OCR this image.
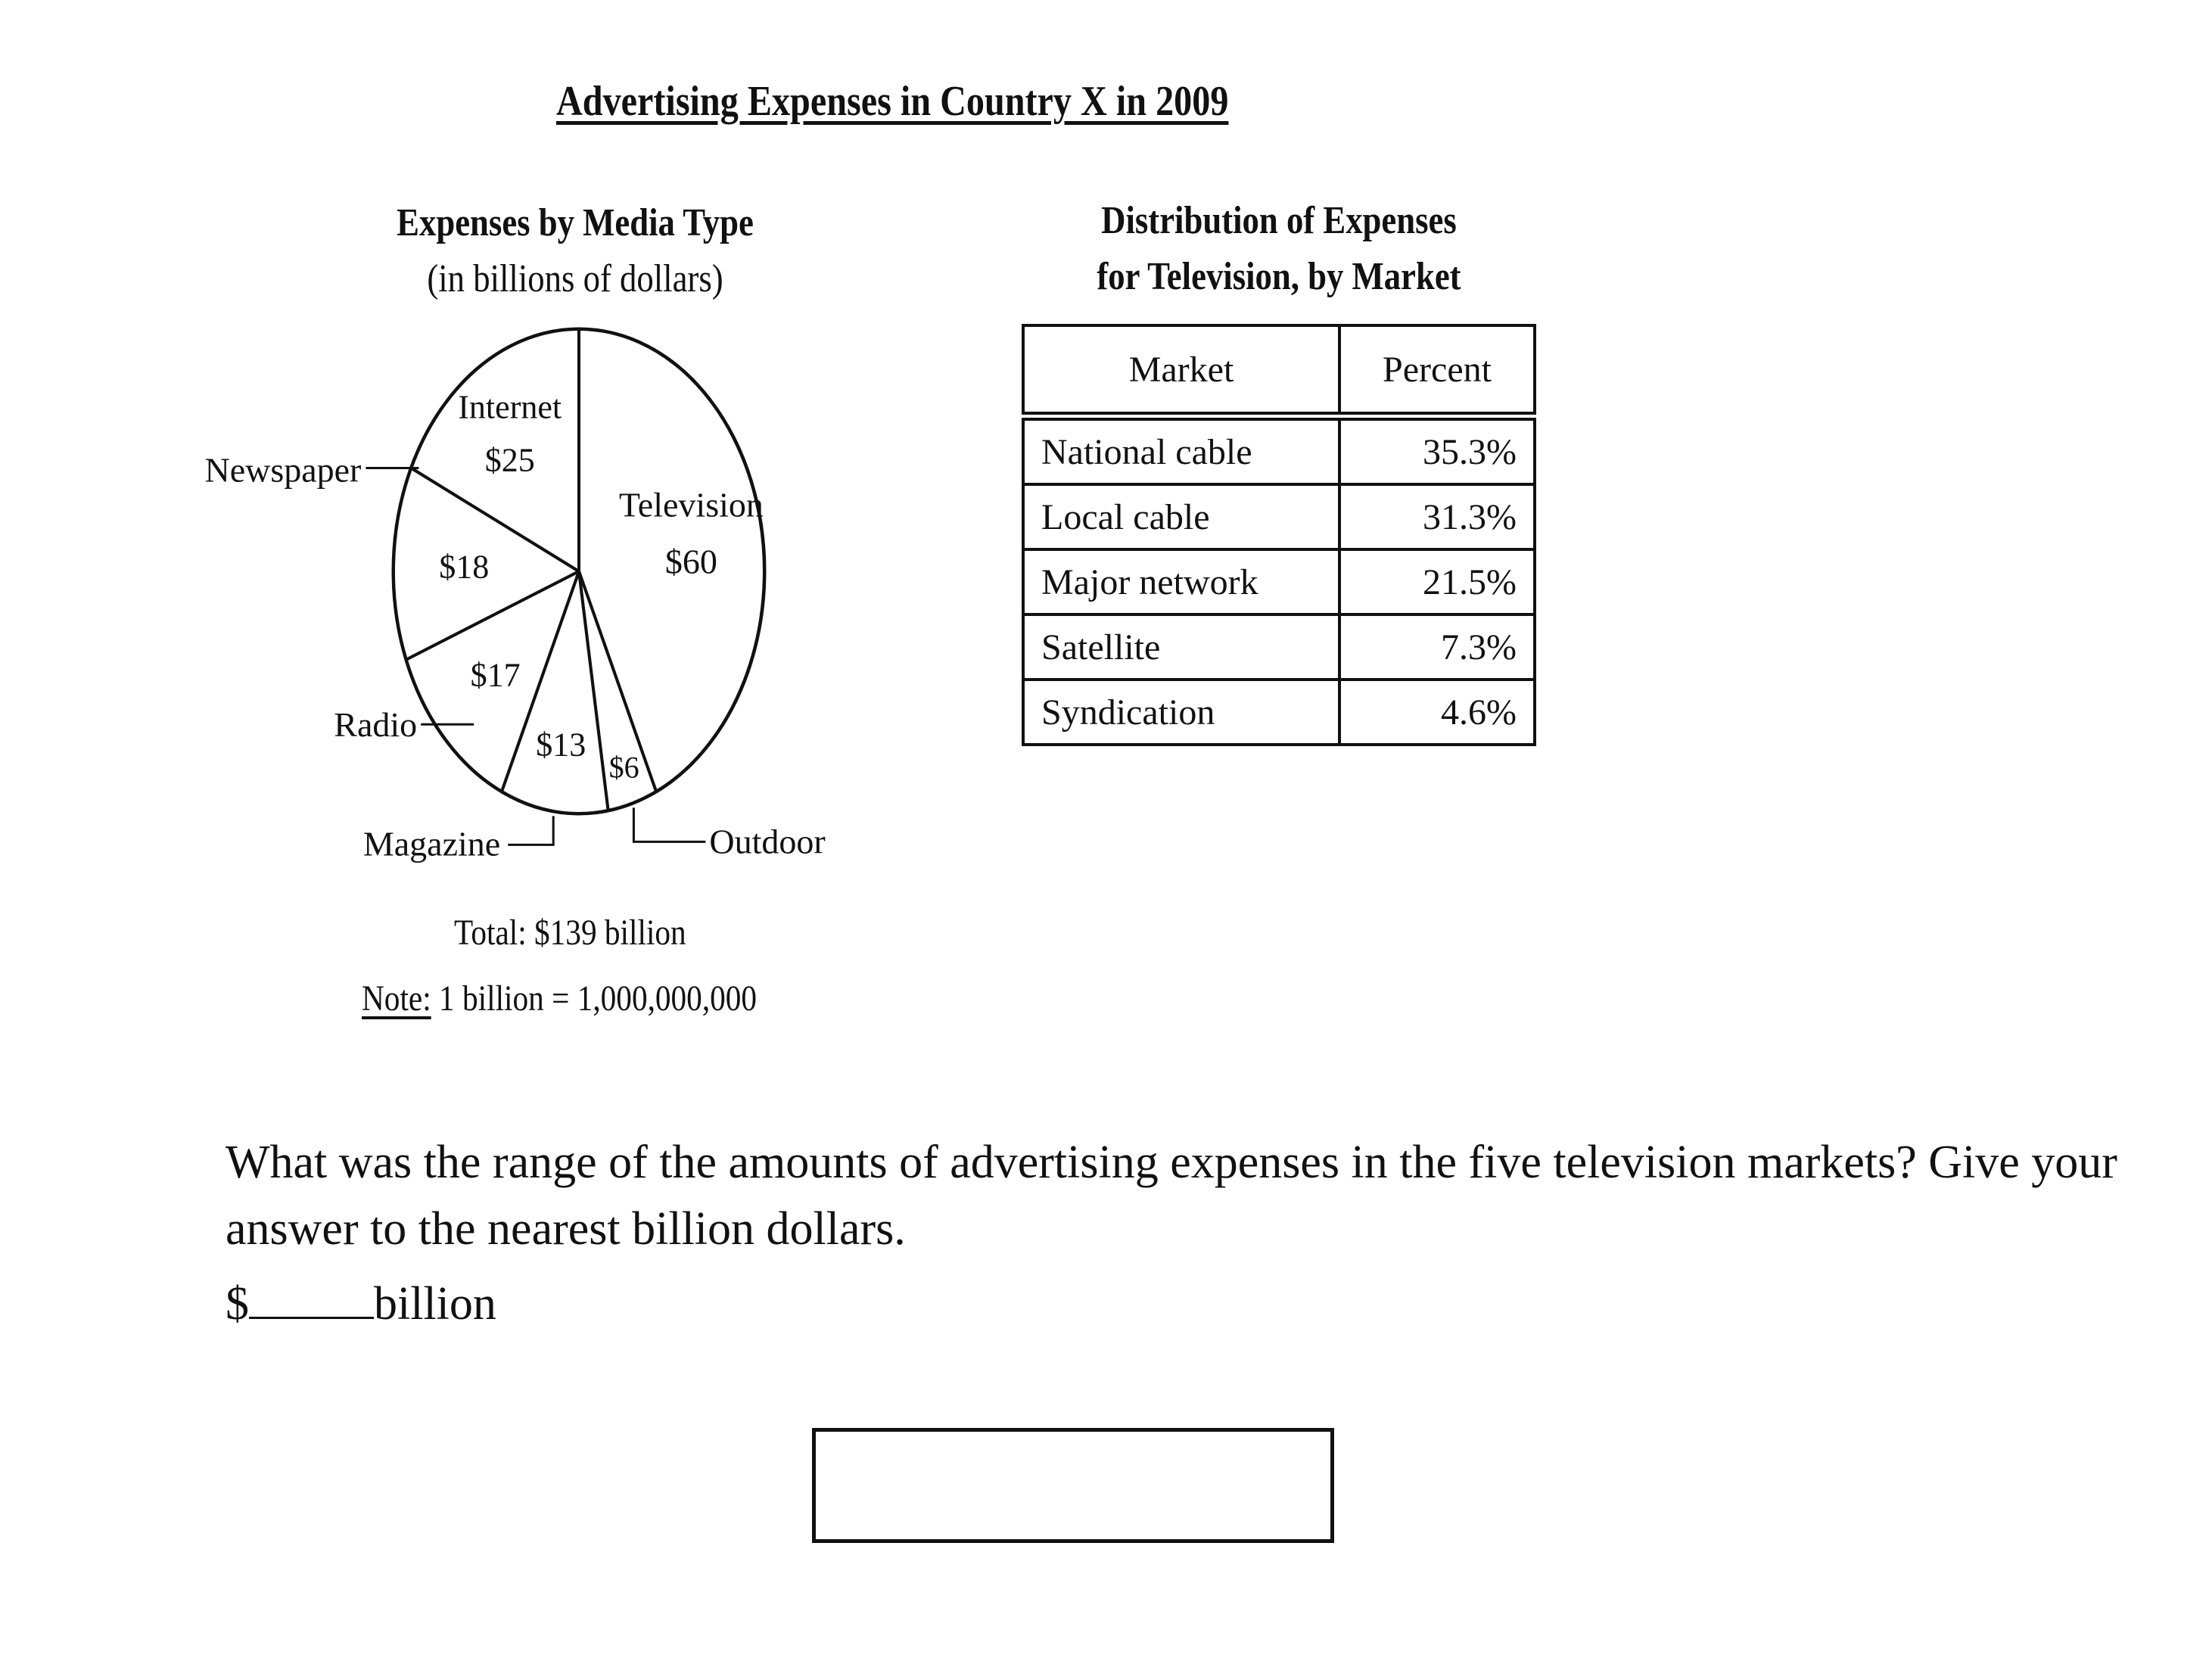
Advertising Expenses in Country X in 2009
Expenses by Media Type
(in billions of dollars)
Television
$60
$6
$13
$17
$18
Internet
$25
Outdoor
Magazine
Radio
Newspaper
Total: $139 billion
Note: 1 billion = 1,000,000,000
Distribution of Expenses
for Television, by Market
Market	Percent
National cable	35.3%
Local cable	31.3%
Major network	21.5%
Satellite	7.3%
Syndication	4.6%
What was the range of the amounts of advertising expenses in the five television markets? Give your answer to the nearest billion dollars.
$	billion
